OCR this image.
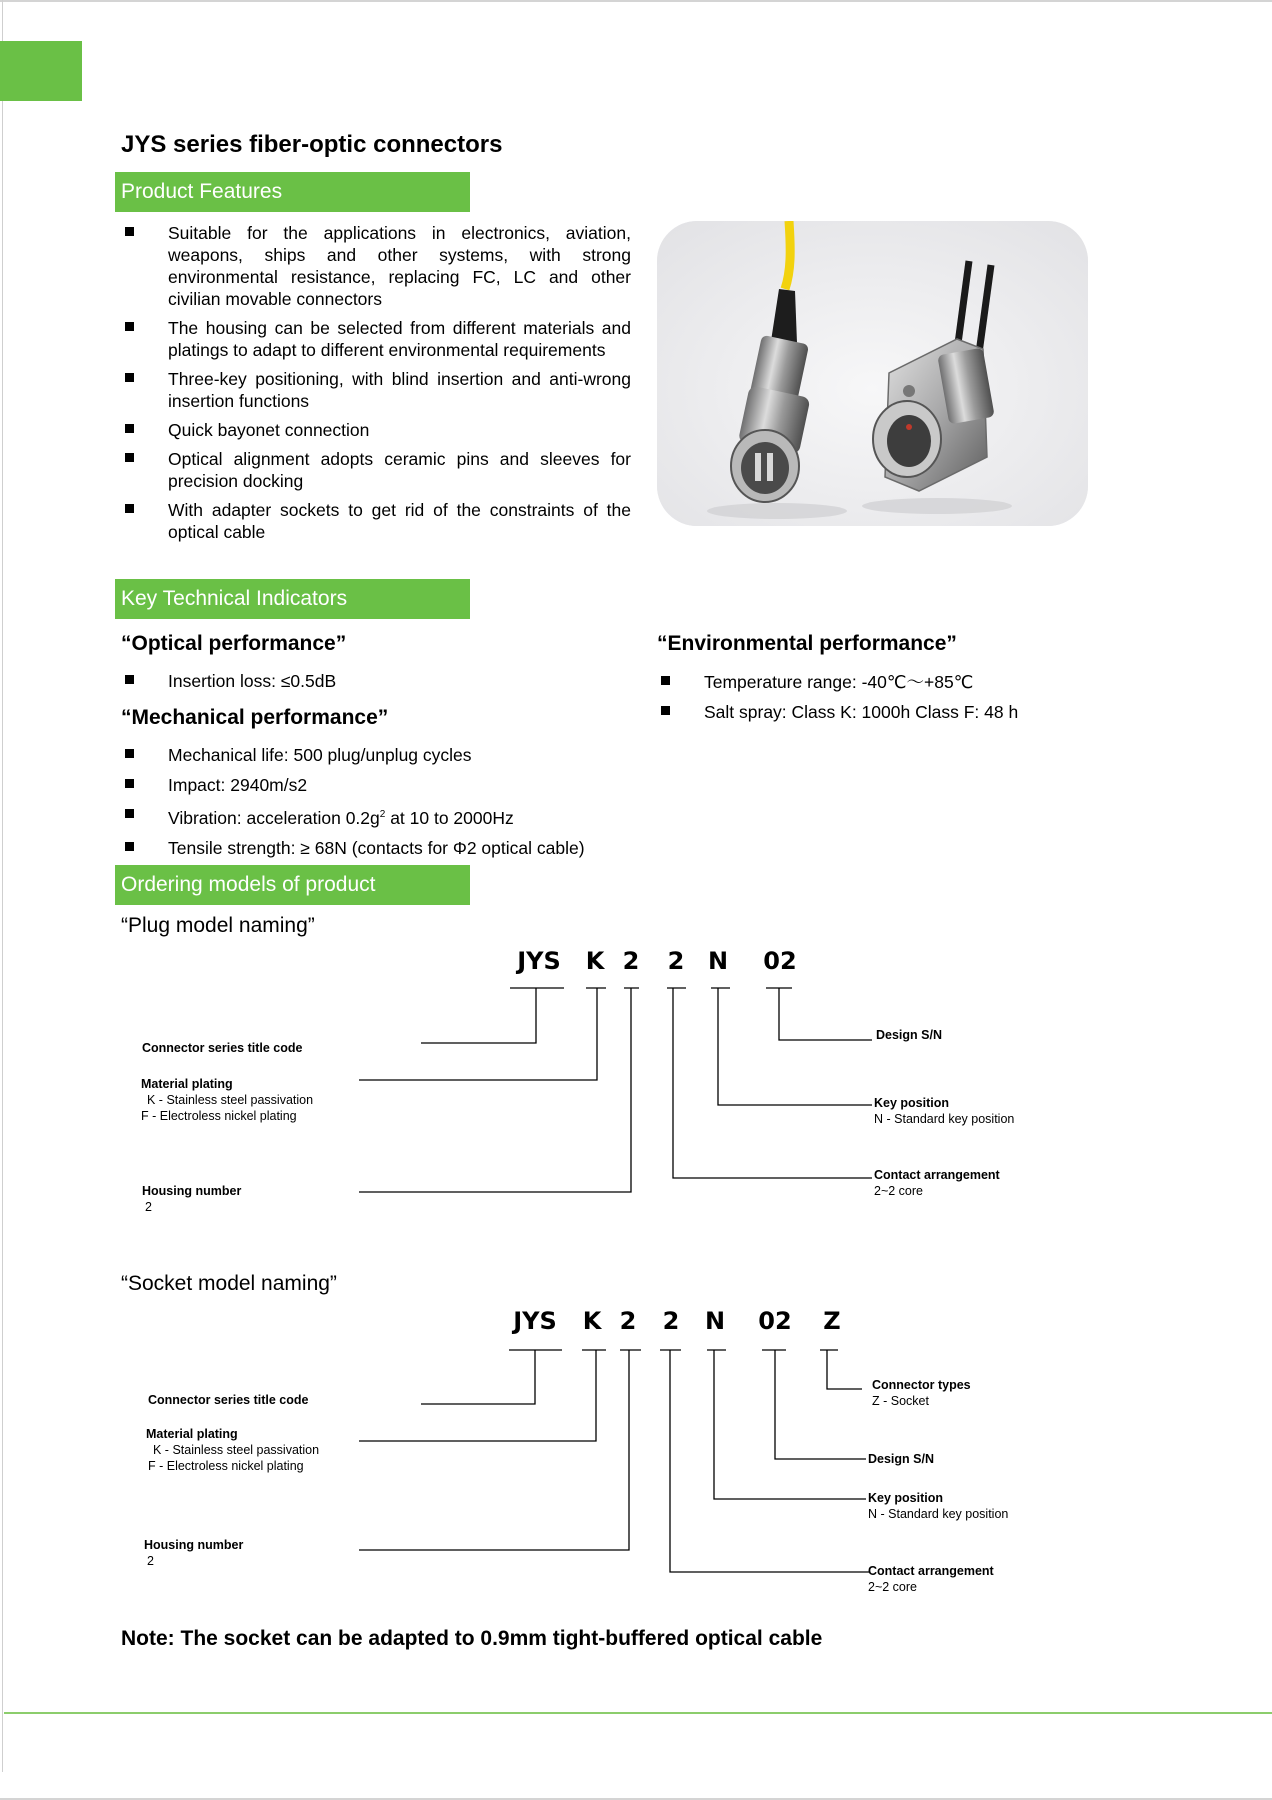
JYS series fiber-optic connectors
Product Features
Suitable for the applications in electronics, aviation, weapons, ships and other systems, with strong environmental resistance, replacing FC, LC and other civilian movable connectors
The housing can be selected from different materials and platings to adapt to different environmental requirements
Three-key positioning, with blind insertion and anti-wrong insertion functions
Quick bayonet connection
Optical alignment adopts ceramic pins and sleeves for precision docking
With adapter sockets to get rid of the constraints of the optical cable
Key Technical Indicators
“Optical performance”
Insertion loss: ≤0.5dB
“Mechanical performance”
Mechanical life: 500 plug/unplug cycles
Impact: 2940m/s2
Vibration: acceleration $0.2g^2$ at 10 to 2000Hz
Tensile strength: ≥ 68N (contacts for Φ2 optical cable)
“Environmental performance”
Temperature range: -40℃～+85℃
Salt spray: Class K: 1000h Class F: 48 h
Ordering models of product
“Plug model naming”
JYS K 2 2 N 02
Connector series title code
Material plating
K - Stainless steel passivation
F - Electroless nickel plating
Housing number
2
Design S/N
Key position
N - Standard key position
Contact arrangement
2~2 core
“Socket model naming”
JYS K 2 2 N 02 Z
Connector series title code
Material plating
K - Stainless steel passivation
F - Electroless nickel plating
Housing number
2
Connector types
Z - Socket
Design S/N
Key position
N - Standard key position
Contact arrangement
2~2 core
Note: The socket can be adapted to 0.9mm tight-buffered optical cable
